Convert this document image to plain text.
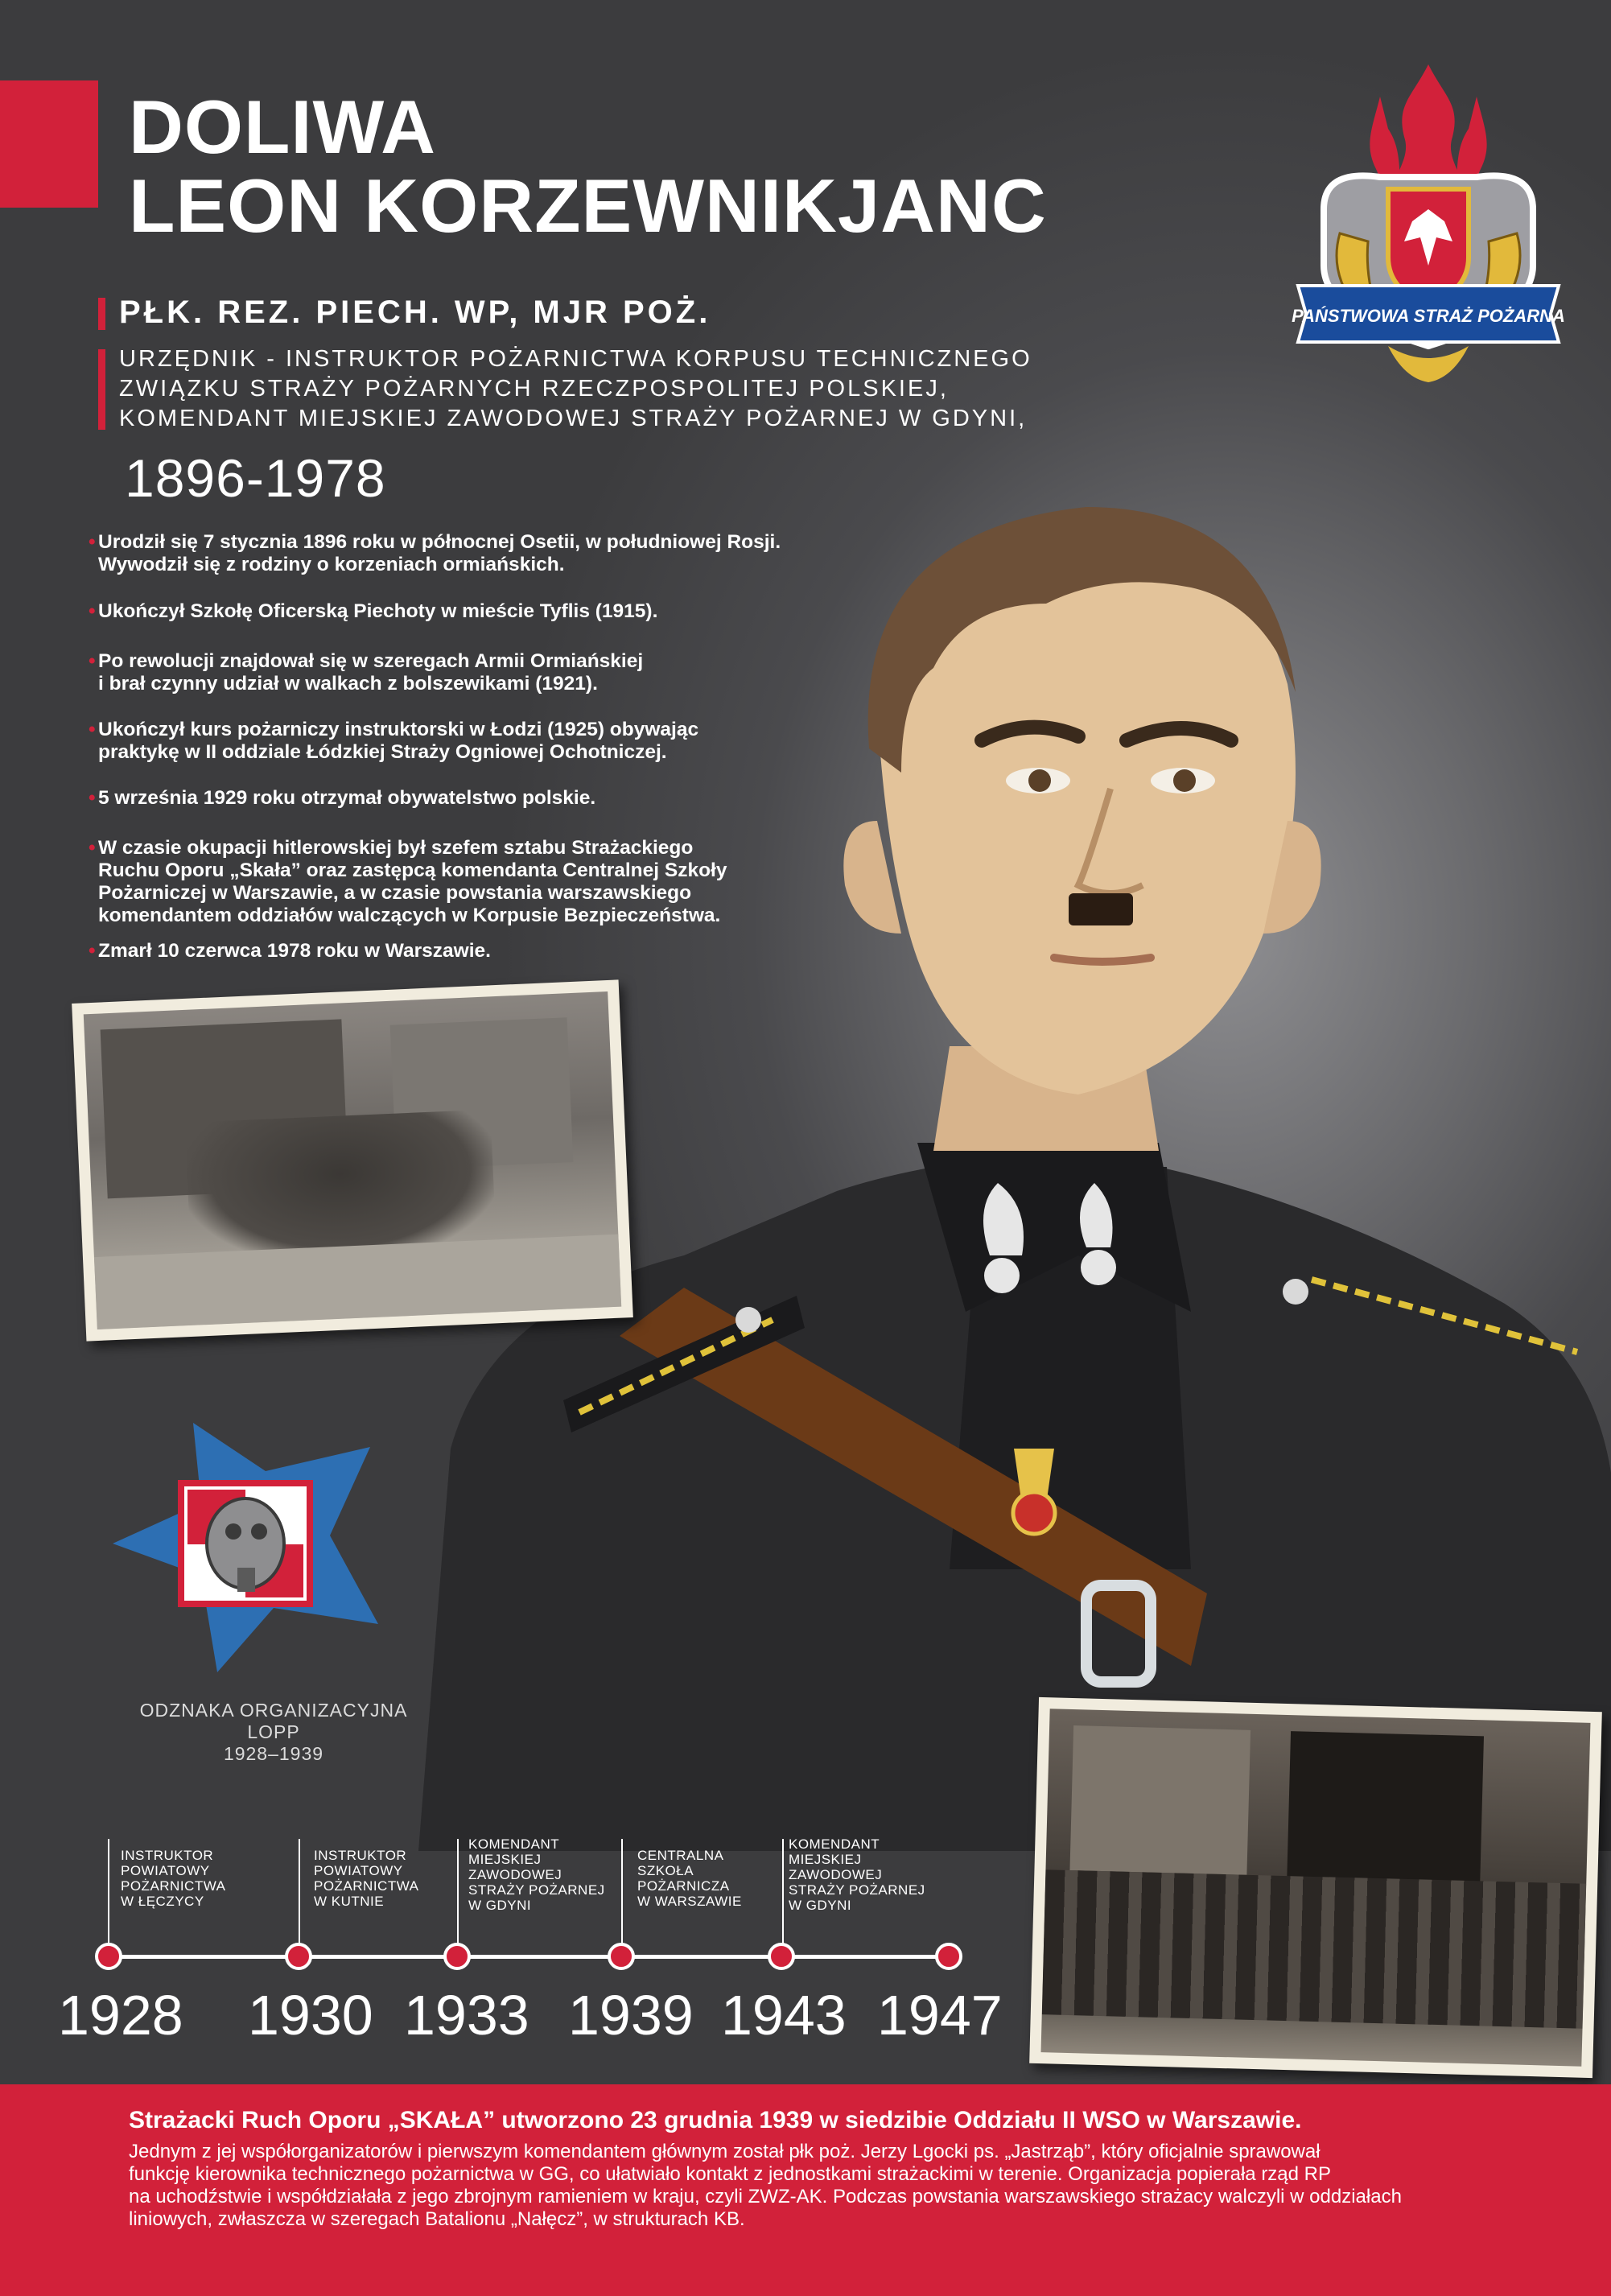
DOLIWA
LEON KORZEWNIKJANC
PŁK. REZ. PIECH. WP, MJR POŻ.
URZĘDNIK - INSTRUKTOR POŻARNICTWA KORPUSU TECHNICZNEGO
ZWIĄZKU STRAŻY POŻARNYCH RZECZPOSPOLITEJ POLSKIEJ,
KOMENDANT MIEJSKIEJ ZAWODOWEJ STRAŻY POŻARNEJ W GDYNI,
1896-1978
PAŃSTWOWA STRAŻ POŻARNA
• Urodził się 7 stycznia 1896 roku w północnej Osetii, w południowej Rosji.
Wywodził się z rodziny o korzeniach ormiańskich.
• Ukończył Szkołę Oficerską Piechoty w mieście Tyflis (1915).
• Po rewolucji znajdował się w szeregach Armii Ormiańskiej
i brał czynny udział w walkach z bolszewikami (1921).
• Ukończył kurs pożarniczy instruktorski w Łodzi (1925) obywając
praktykę w II oddziale Łódzkiej Straży Ogniowej Ochotniczej.
• 5 września 1929 roku otrzymał obywatelstwo polskie.
• W czasie okupacji hitlerowskiej był szefem sztabu Strażackiego
Ruchu Oporu „Skała” oraz zastępcą komendanta Centralnej Szkoły
Pożarniczej w Warszawie, a w czasie powstania warszawskiego
komendantem oddziałów walczących w Korpusie Bezpieczeństwa.
• Zmarł 10 czerwca 1978 roku w Warszawie.
ODZNAKA ORGANIZACYJNA LOPP
1928–1939
INSTRUKTOR
POWIATOWY
POŻARNICTWA
W ŁĘCZYCY
INSTRUKTOR
POWIATOWY
POŻARNICTWA
W KUTNIE
KOMENDANT
MIEJSKIEJ
ZAWODOWEJ
STRAŻY POŻARNEJ
W GDYNI
CENTRALNA
SZKOŁA
POŻARNICZA
W WARSZAWIE
KOMENDANT
MIEJSKIEJ
ZAWODOWEJ
STRAŻY POŻARNEJ
W GDYNI
1928 1930 1933 1939 1943 1947
Strażacki Ruch Oporu „SKAŁA” utworzono 23 grudnia 1939 w siedzibie Oddziału II WSO w Warszawie.
Jednym z jej współorganizatorów i pierwszym komendantem głównym został płk poż. Jerzy Lgocki ps. „Jastrząb”, który oficjalnie sprawował
funkcję kierownika technicznego pożarnictwa w GG, co ułatwiało kontakt z jednostkami strażackimi w terenie. Organizacja popierała rząd RP
na uchodźstwie i współdziałała z jego zbrojnym ramieniem w kraju, czyli ZWZ-AK. Podczas powstania warszawskiego strażacy walczyli w oddziałach
liniowych, zwłaszcza w szeregach Batalionu „Nałęcz”, w strukturach KB.
